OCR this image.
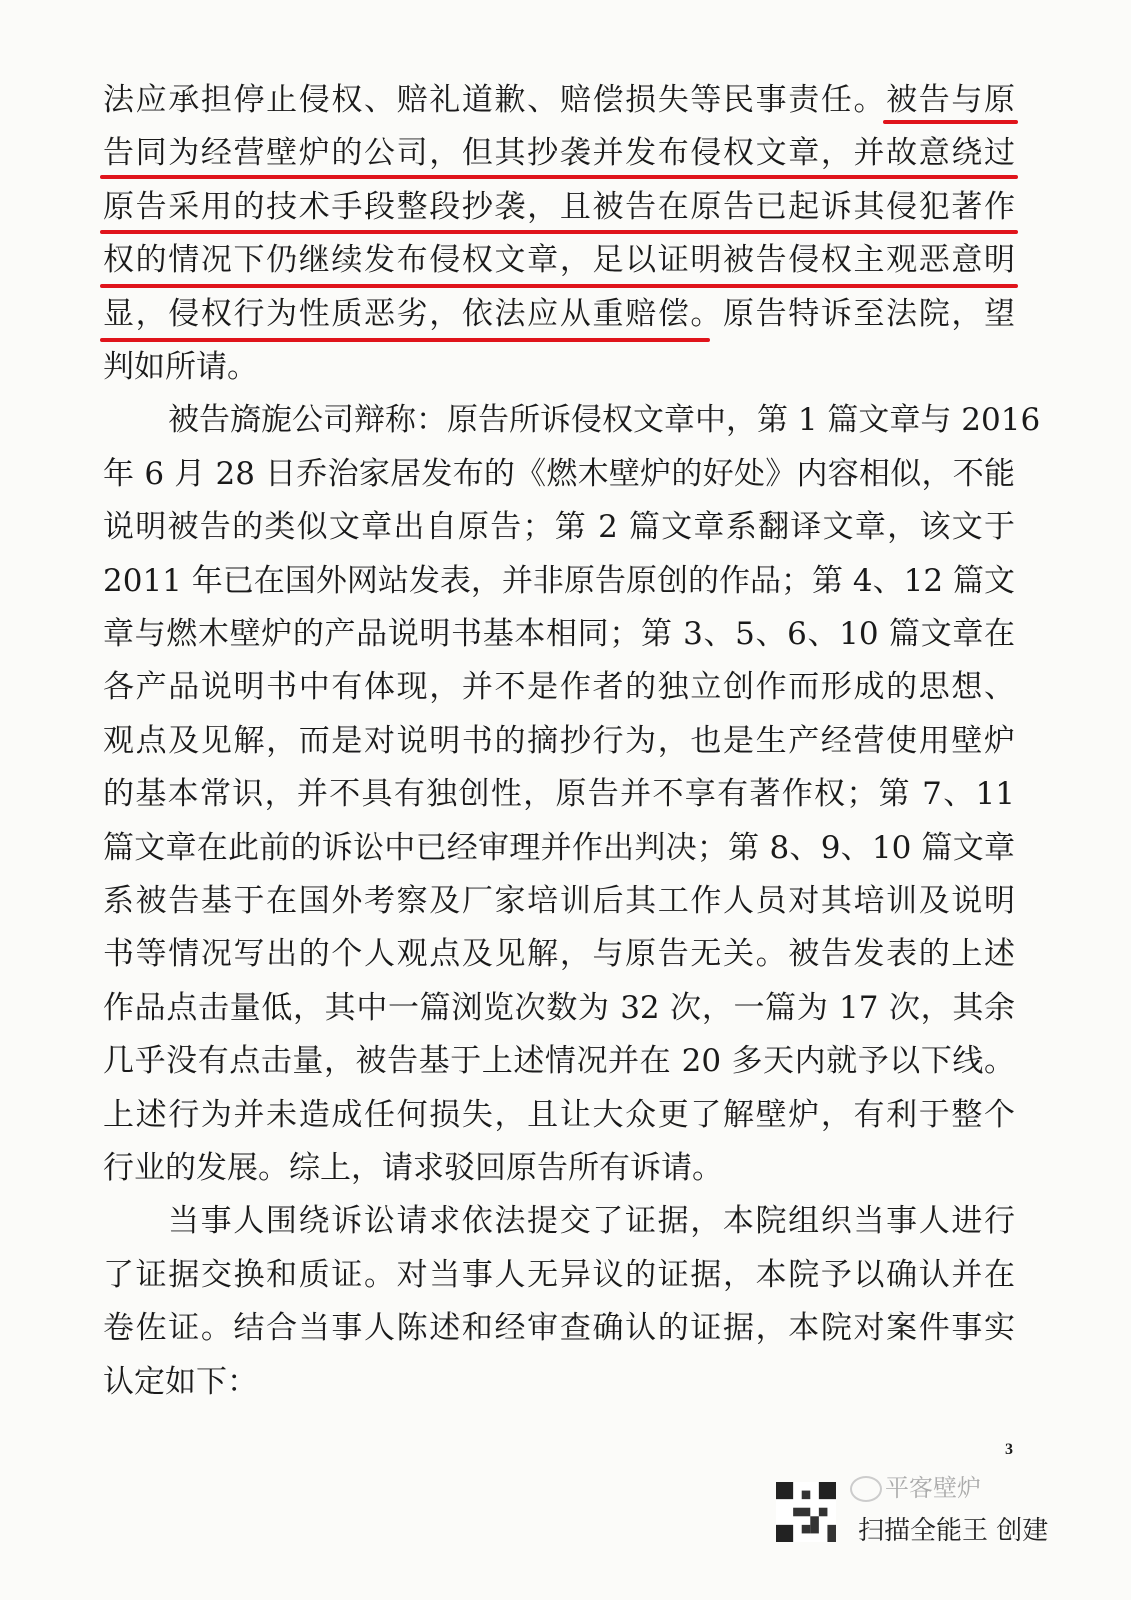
法应承担停止侵权、赔礼道歉、赔偿损失等民事责任。被告与原
告同为经营壁炉的公司，但其抄袭并发布侵权文章，并故意绕过
原告采用的技术手段整段抄袭，且被告在原告已起诉其侵犯著作
权的情况下仍继续发布侵权文章，足以证明被告侵权主观恶意明
显，侵权行为性质恶劣，依法应从重赔偿。原告特诉至法院，望
判如所请。
被告旖旎公司辩称：原告所诉侵权文章中，第 1 篇文章与 2016
年 6 月 28 日乔治家居发布的《燃木壁炉的好处》内容相似，不能
说明被告的类似文章出自原告；第 2 篇文章系翻译文章，该文于
2011 年已在国外网站发表，并非原告原创的作品；第 4、12 篇文
章与燃木壁炉的产品说明书基本相同；第 3、5、6、10 篇文章在
各产品说明书中有体现，并不是作者的独立创作而形成的思想、
观点及见解，而是对说明书的摘抄行为，也是生产经营使用壁炉
的基本常识，并不具有独创性，原告并不享有著作权；第 7、11
篇文章在此前的诉讼中已经审理并作出判决；第 8、9、10 篇文章
系被告基于在国外考察及厂家培训后其工作人员对其培训及说明
书等情况写出的个人观点及见解，与原告无关。被告发表的上述
作品点击量低，其中一篇浏览次数为 32 次，一篇为 17 次，其余
几乎没有点击量，被告基于上述情况并在 20 多天内就予以下线。
上述行为并未造成任何损失，且让大众更了解壁炉，有利于整个
行业的发展。综上，请求驳回原告所有诉请。
当事人围绕诉讼请求依法提交了证据，本院组织当事人进行
了证据交换和质证。对当事人无异议的证据，本院予以确认并在
卷佐证。结合当事人陈述和经审查确认的证据，本院对案件事实
认定如下：
3
平客壁炉
扫描全能王 创建
